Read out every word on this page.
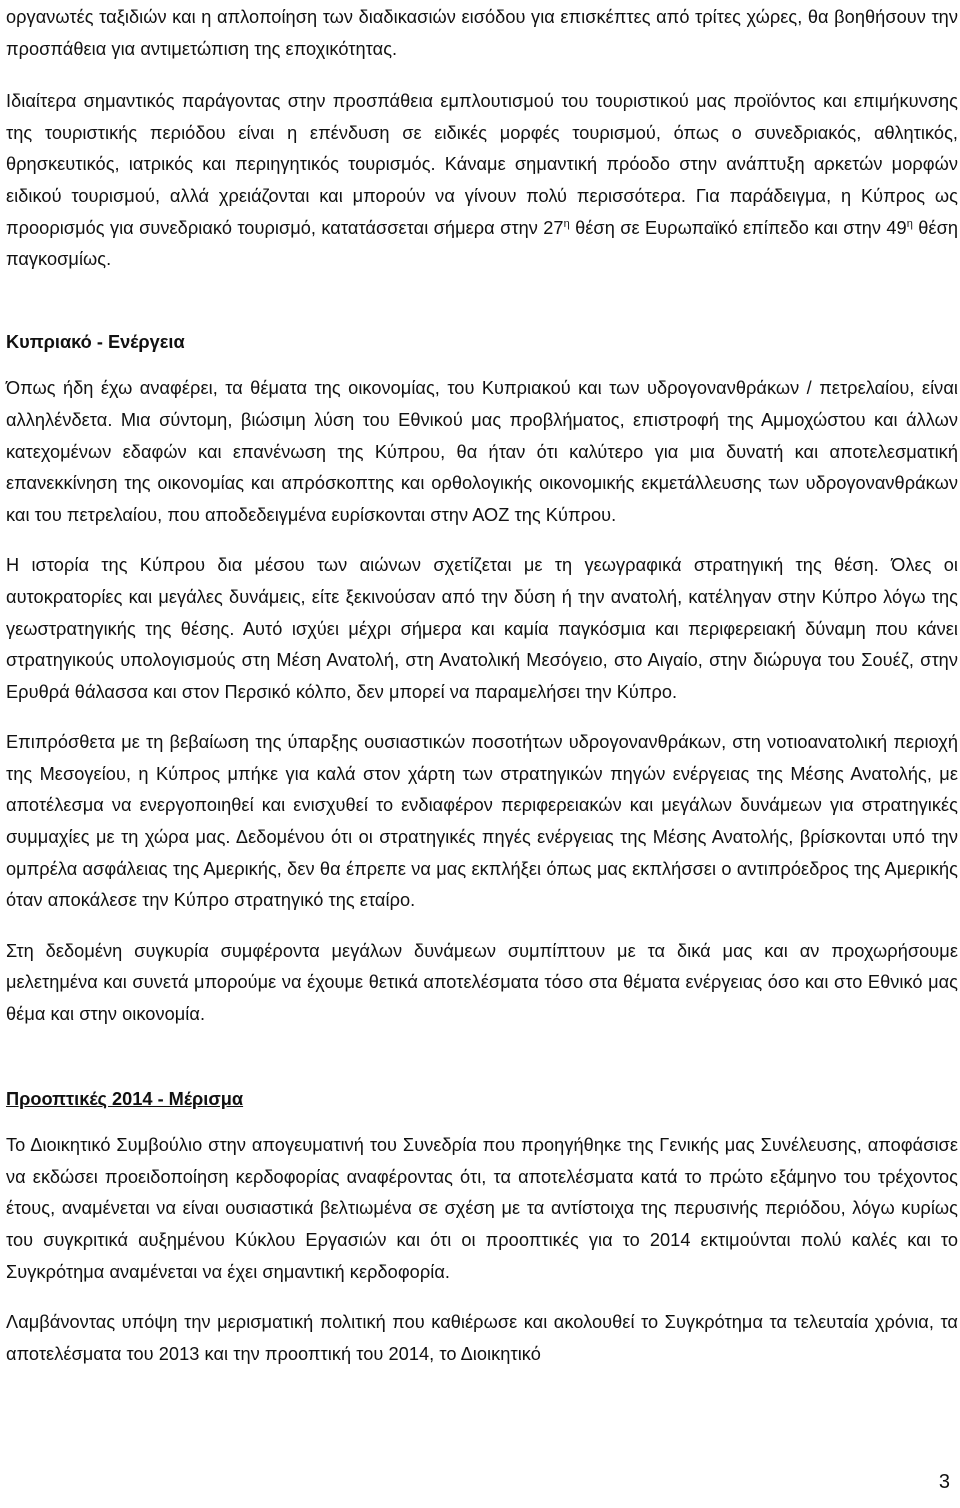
οργανωτές ταξιδιών και η απλοποίηση των διαδικασιών εισόδου για επισκέπτες από τρίτες χώρες, θα βοηθήσουν την προσπάθεια για αντιμετώπιση της εποχικότητας.

Ιδιαίτερα σημαντικός παράγοντας στην προσπάθεια εμπλουτισμού του τουριστικού μας προϊόντος και επιμήκυνσης της τουριστικής περιόδου είναι η επένδυση σε ειδικές μορφές τουρισμού, όπως ο συνεδριακός, αθλητικός, θρησκευτικός, ιατρικός και περιηγητικός τουρισμός. Κάναμε σημαντική πρόοδο στην ανάπτυξη αρκετών μορφών ειδικού τουρισμού, αλλά χρειάζονται και μπορούν να γίνουν πολύ περισσότερα. Για παράδειγμα, η Κύπρος ως προορισμός για συνεδριακό τουρισμό, κατατάσσεται σήμερα στην $27^\eta$ θέση σε Ευρωπαϊκό επίπεδο και στην $49^\eta$ θέση παγκοσμίως.

Κυπριακό - Ενέργεια

Όπως ήδη έχω αναφέρει, τα θέματα της οικονομίας, του Κυπριακού και των υδρογονανθράκων / πετρελαίου, είναι αλληλένδετα. Μια σύντομη, βιώσιμη λύση του Εθνικού μας προβλήματος, επιστροφή της Αμμοχώστου και άλλων κατεχομένων εδαφών και επανένωση της Κύπρου, θα ήταν ότι καλύτερο για μια δυνατή και αποτελεσματική επανεκκίνηση της οικονομίας και απρόσκοπτης και ορθολογικής οικονομικής εκμετάλλευσης των υδρογονανθράκων και του πετρελαίου, που αποδεδειγμένα ευρίσκονται στην ΑΟΖ της Κύπρου.

Η ιστορία της Κύπρου δια μέσου των αιώνων σχετίζεται με τη γεωγραφικά στρατηγική της θέση. Όλες οι αυτοκρατορίες και μεγάλες δυνάμεις, είτε ξεκινούσαν από την δύση ή την ανατολή, κατέληγαν στην Κύπρο λόγω της γεωστρατηγικής της θέσης. Αυτό ισχύει μέχρι σήμερα και καμία παγκόσμια και περιφερειακή δύναμη που κάνει στρατηγικούς υπολογισμούς στη Μέση Ανατολή, στη Ανατολική Μεσόγειο, στο Αιγαίο, στην διώρυγα του Σουέζ, στην Ερυθρά θάλασσα και στον Περσικό κόλπο, δεν μπορεί να παραμελήσει την Κύπρο.

Επιπρόσθετα με τη βεβαίωση της ύπαρξης ουσιαστικών ποσοτήτων υδρογονανθράκων, στη νοτιοανατολική περιοχή της Μεσογείου, η Κύπρος μπήκε για καλά στον χάρτη των στρατηγικών πηγών ενέργειας της Μέσης Ανατολής, με αποτέλεσμα να ενεργοποιηθεί και ενισχυθεί το ενδιαφέρον περιφερειακών και μεγάλων δυνάμεων για στρατηγικές συμμαχίες με τη χώρα μας. Δεδομένου ότι οι στρατηγικές πηγές ενέργειας της Μέσης Ανατολής, βρίσκονται υπό την ομπρέλα ασφάλειας της Αμερικής, δεν θα έπρεπε να μας εκπλήξει όπως μας εκπλήσσει ο αντιπρόεδρος της Αμερικής όταν αποκάλεσε την Κύπρο στρατηγικό της εταίρο.

Στη δεδομένη συγκυρία συμφέροντα μεγάλων δυνάμεων συμπίπτουν με τα δικά μας και αν προχωρήσουμε μελετημένα και συνετά μπορούμε να έχουμε θετικά αποτελέσματα τόσο στα θέματα ενέργειας όσο και στο Εθνικό μας θέμα και στην οικονομία.

Προοπτικές 2014 - Μέρισμα

Το Διοικητικό Συμβούλιο στην απογευματινή του Συνεδρία που προηγήθηκε της Γενικής μας Συνέλευσης, αποφάσισε να εκδώσει προειδοποίηση κερδοφορίας αναφέροντας ότι, τα αποτελέσματα κατά το πρώτο εξάμηνο του τρέχοντος έτους, αναμένεται να είναι ουσιαστικά βελτιωμένα σε σχέση με τα αντίστοιχα της περυσινής περιόδου, λόγω κυρίως του συγκριτικά αυξημένου Κύκλου Εργασιών και ότι οι προοπτικές για το 2014 εκτιμούνται πολύ καλές και το Συγκρότημα αναμένεται να έχει σημαντική κερδοφορία.

Λαμβάνοντας υπόψη την μερισματική πολιτική που καθιέρωσε και ακολουθεί το Συγκρότημα τα τελευταία χρόνια, τα αποτελέσματα του 2013 και την προοπτική του 2014, το Διοικητικό

3
